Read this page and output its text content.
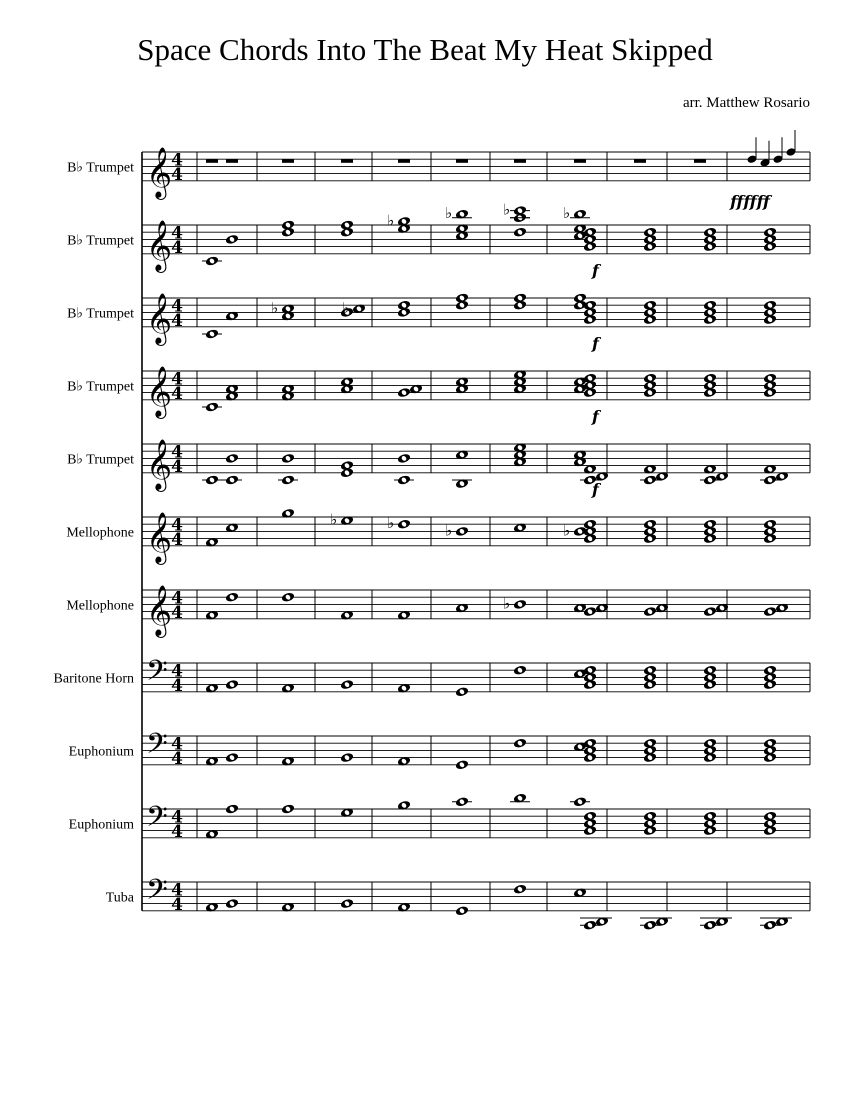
Space Chords Into The Beat My Heat Skipped
arr. Matthew Rosario
B♭ Trumpet 𝄞 4
4
ffffff
B♭ Trumpet 𝄞 4
4
♭	♭	♭	♭
f
B♭ Trumpet 𝄞 4
4
♭	♭
f
B♭ Trumpet 𝄞 4
4
f
B♭ Trumpet 𝄞 4
4
f
Mellophone 𝄞 4
4
♭	♭	♭	♭
Mellophone 𝄞 4
4	♭
Baritone Horn 𝄢 4
4
Euphonium 𝄢 4
4
Euphonium 𝄢 4
4
Tuba 𝄢 4
4
